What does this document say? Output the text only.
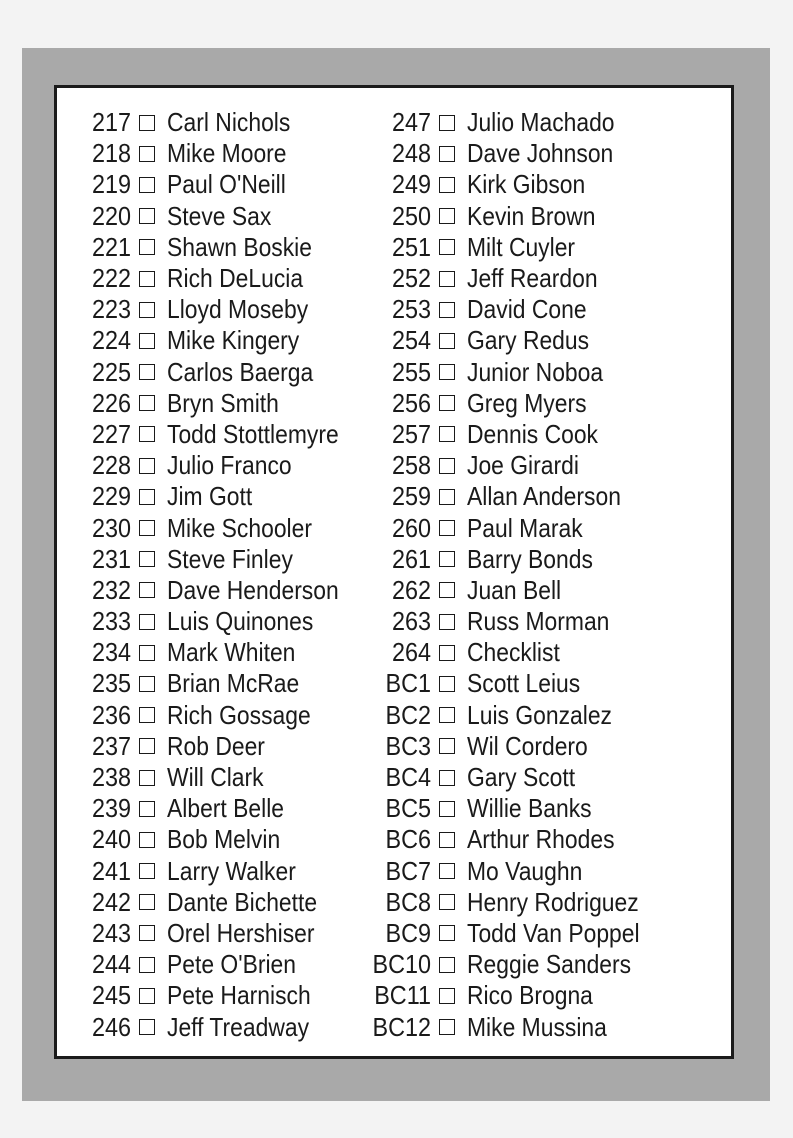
217 Carl Nichols
218 Mike Moore
219 Paul O'Neill
220 Steve Sax
221 Shawn Boskie
222 Rich DeLucia
223 Lloyd Moseby
224 Mike Kingery
225 Carlos Baerga
226 Bryn Smith
227 Todd Stottlemyre
228 Julio Franco
229 Jim Gott
230 Mike Schooler
231 Steve Finley
232 Dave Henderson
233 Luis Quinones
234 Mark Whiten
235 Brian McRae
236 Rich Gossage
237 Rob Deer
238 Will Clark
239 Albert Belle
240 Bob Melvin
241 Larry Walker
242 Dante Bichette
243 Orel Hershiser
244 Pete O'Brien
245 Pete Harnisch
246 Jeff Treadway
247 Julio Machado
248 Dave Johnson
249 Kirk Gibson
250 Kevin Brown
251 Milt Cuyler
252 Jeff Reardon
253 David Cone
254 Gary Redus
255 Junior Noboa
256 Greg Myers
257 Dennis Cook
258 Joe Girardi
259 Allan Anderson
260 Paul Marak
261 Barry Bonds
262 Juan Bell
263 Russ Morman
264 Checklist
BC1 Scott Leius
BC2 Luis Gonzalez
BC3 Wil Cordero
BC4 Gary Scott
BC5 Willie Banks
BC6 Arthur Rhodes
BC7 Mo Vaughn
BC8 Henry Rodriguez
BC9 Todd Van Poppel
BC10 Reggie Sanders
BC11 Rico Brogna
BC12 Mike Mussina
